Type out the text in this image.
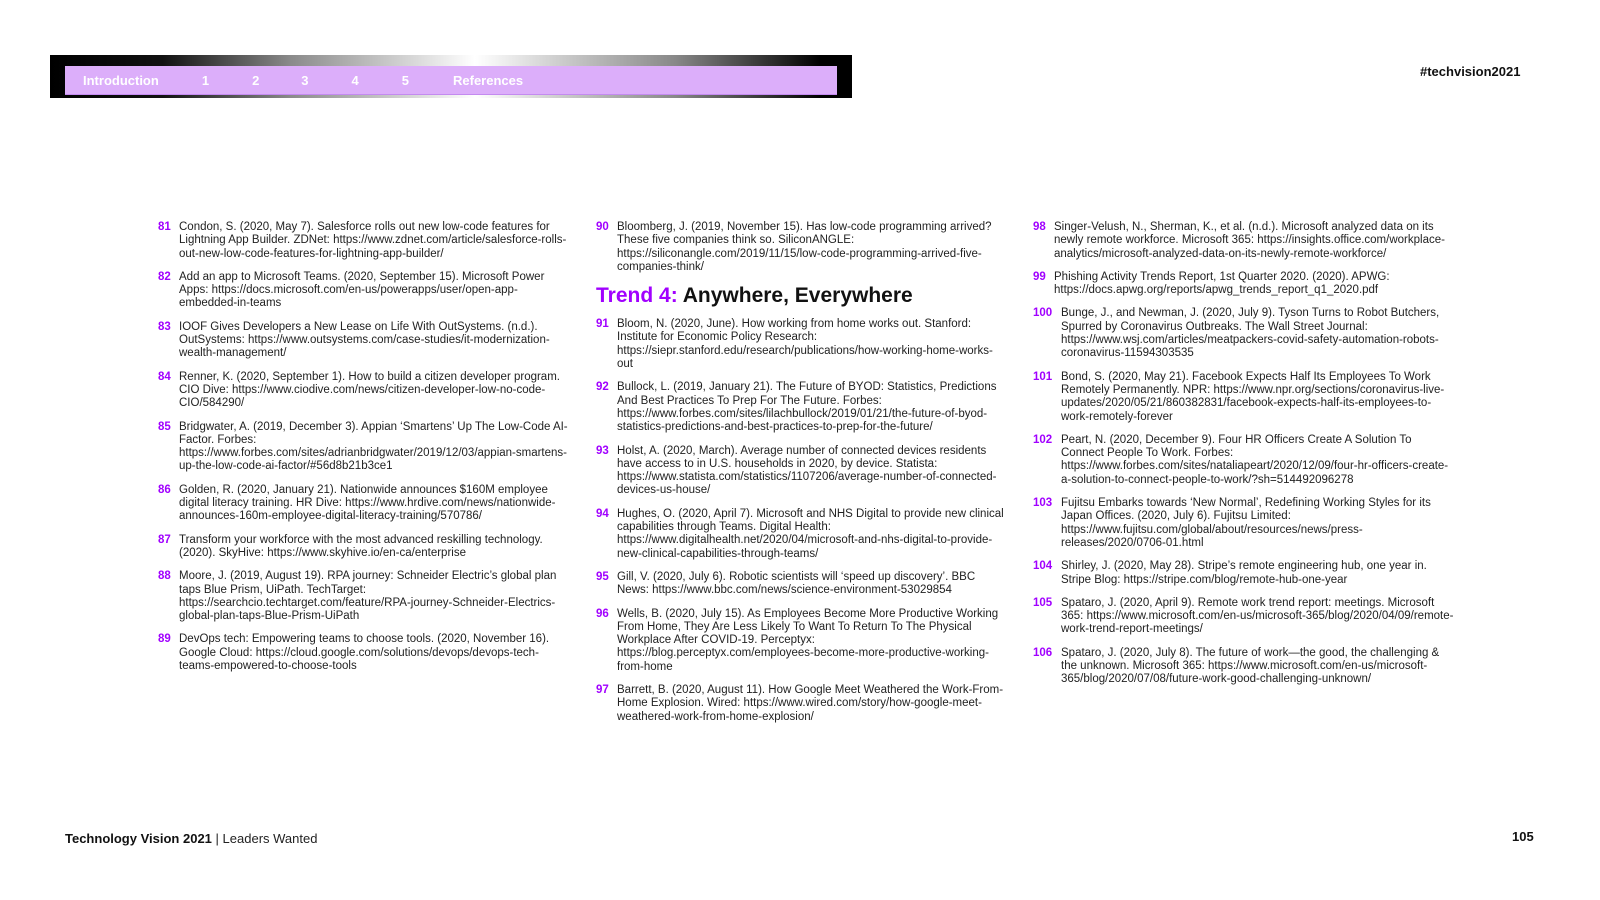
Introduction	1	2	3	4	5	References
#techvision2021
81 Condon, S. (2020, May 7). Salesforce rolls out new low-code features for Lightning App Builder. ZDNet: https://www.zdnet.com/article/salesforce-rolls-out-new-low-code-features-for-lightning-app-builder/
82 Add an app to Microsoft Teams. (2020, September 15). Microsoft Power Apps: https://docs.microsoft.com/en-us/powerapps/user/open-app-embedded-in-teams
83 IOOF Gives Developers a New Lease on Life With OutSystems. (n.d.). OutSystems: https://www.outsystems.com/case-studies/it-modernization-wealth-management/
84 Renner, K. (2020, September 1). How to build a citizen developer program. CIO Dive: https://www.ciodive.com/news/citizen-developer-low-no-code-CIO/584290/
85 Bridgwater, A. (2019, December 3). Appian ‘Smartens’ Up The Low-Code AI-Factor. Forbes: https://www.forbes.com/sites/adrianbridgwater/2019/12/03/appian-smartens-up-the-low-code-ai-factor/#56d8b21b3ce1
86 Golden, R. (2020, January 21). Nationwide announces $160M employee digital literacy training. HR Dive: https://www.hrdive.com/news/nationwide-announces-160m-employee-digital-literacy-training/570786/
87 Transform your workforce with the most advanced reskilling technology. (2020). SkyHive: https://www.skyhive.io/en-ca/enterprise
88 Moore, J. (2019, August 19). RPA journey: Schneider Electric’s global plan taps Blue Prism, UiPath. TechTarget: https://searchcio.techtarget.com/feature/RPA-journey-Schneider-Electrics-global-plan-taps-Blue-Prism-UiPath
89 DevOps tech: Empowering teams to choose tools. (2020, November 16). Google Cloud: https://cloud.google.com/solutions/devops/devops-tech-teams-empowered-to-choose-tools
90 Bloomberg, J. (2019, November 15). Has low-code programming arrived? These five companies think so. SiliconANGLE: https://siliconangle.com/2019/11/15/low-code-programming-arrived-five-companies-think/
Trend 4: Anywhere, Everywhere
91 Bloom, N. (2020, June). How working from home works out. Stanford: Institute for Economic Policy Research: https://siepr.stanford.edu/research/publications/how-working-home-works-out
92 Bullock, L. (2019, January 21). The Future of BYOD: Statistics, Predictions And Best Practices To Prep For The Future. Forbes: https://www.forbes.com/sites/lilachbullock/2019/01/21/the-future-of-byod-statistics-predictions-and-best-practices-to-prep-for-the-future/
93 Holst, A. (2020, March). Average number of connected devices residents have access to in U.S. households in 2020, by device. Statista: https://www.statista.com/statistics/1107206/average-number-of-connected-devices-us-house/
94 Hughes, O. (2020, April 7). Microsoft and NHS Digital to provide new clinical capabilities through Teams. Digital Health: https://www.digitalhealth.net/2020/04/microsoft-and-nhs-digital-to-provide-new-clinical-capabilities-through-teams/
95 Gill, V. (2020, July 6). Robotic scientists will ‘speed up discovery’. BBC News: https://www.bbc.com/news/science-environment-53029854
96 Wells, B. (2020, July 15). As Employees Become More Productive Working From Home, They Are Less Likely To Want To Return To The Physical Workplace After COVID-19. Perceptyx: https://blog.perceptyx.com/employees-become-more-productive-working-from-home
97 Barrett, B. (2020, August 11). How Google Meet Weathered the Work-From-Home Explosion. Wired: https://www.wired.com/story/how-google-meet-weathered-work-from-home-explosion/
98 Singer-Velush, N., Sherman, K., et al. (n.d.). Microsoft analyzed data on its newly remote workforce. Microsoft 365: https://insights.office.com/workplace-analytics/microsoft-analyzed-data-on-its-newly-remote-workforce/
99 Phishing Activity Trends Report, 1st Quarter 2020. (2020). APWG: https://docs.apwg.org/reports/apwg_trends_report_q1_2020.pdf
100 Bunge, J., and Newman, J. (2020, July 9). Tyson Turns to Robot Butchers, Spurred by Coronavirus Outbreaks. The Wall Street Journal: https://www.wsj.com/articles/meatpackers-covid-safety-automation-robots-coronavirus-11594303535
101 Bond, S. (2020, May 21). Facebook Expects Half Its Employees To Work Remotely Permanently. NPR: https://www.npr.org/sections/coronavirus-live-updates/2020/05/21/860382831/facebook-expects-half-its-employees-to-work-remotely-forever
102 Peart, N. (2020, December 9). Four HR Officers Create A Solution To Connect People To Work. Forbes: https://www.forbes.com/sites/nataliapeart/2020/12/09/four-hr-officers-create-a-solution-to-connect-people-to-work/?sh=514492096278
103 Fujitsu Embarks towards ‘New Normal’, Redefining Working Styles for its Japan Offices. (2020, July 6). Fujitsu Limited: https://www.fujitsu.com/global/about/resources/news/press-releases/2020/0706-01.html
104 Shirley, J. (2020, May 28). Stripe’s remote engineering hub, one year in. Stripe Blog: https://stripe.com/blog/remote-hub-one-year
105 Spataro, J. (2020, April 9). Remote work trend report: meetings. Microsoft 365: https://www.microsoft.com/en-us/microsoft-365/blog/2020/04/09/remote-work-trend-report-meetings/
106 Spataro, J. (2020, July 8). The future of work—the good, the challenging & the unknown. Microsoft 365: https://www.microsoft.com/en-us/microsoft-365/blog/2020/07/08/future-work-good-challenging-unknown/
Technology Vision 2021 | Leaders Wanted	105
